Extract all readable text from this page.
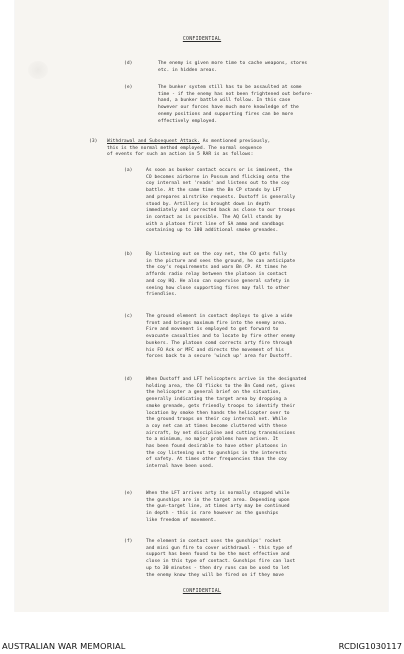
CONFIDENTIAL
(d)	The enemy is given more time to cache weapons, stores
etc. in hidden areas.
(e)	The bunker system still has to be assaulted at some
time - if the enemy has not been frightened out before-
hand, a bunker battle will follow. In this case
however our forces have much more knowledge of the
enemy positions and supporting fires can be more
effectively employed.
(3) Withdrawal and Subsequent Attack. As mentioned previously,
this is the normal method employed. The normal sequence
of events for such an action in 5 RAR is as follows:
(a)	As soon as bunker contact occurs or is imminent, the
CO becomes airborne in Possum and flicking onto the
coy internal net 'reads' and listens out to the coy
battle. At the same time the Bn CP stands by LFT
and prepares airstrike requests. Dustoff is generally
stood by. Artillery is brought down in depth
immediately and corrected back as close to our troops
in contact as is possible. The AQ Cell stands by
with a platoon first line of SA ammo and sandbags
containing up to 100 additional smoke grenades.
(b)	By listening out on the coy net, the CO gets fully
in the picture and sees the ground, he can anticipate
the coy's requirements and warn Bn CP. At times he
affords radio relay between the platoon in contact
and coy HQ. He also can supervise general safety in
seeing how close supporting fires may fall to other
friendlies.
(c)	The ground element in contact deploys to give a wide
front and brings maximum fire into the enemy area.
Fire and movement is employed to get forward to
evacuate casualties and to locate by fire other enemy
bunkers. The platoon comd corrects arty fire through
his FO Ack or MFC and directs the movement of his
forces back to a secure 'winch up' area for Dustoff.
(d)	When Dustoff and LFT helicopters arrive in the designated
holding area, the CO flicks to the Bn Comd net, gives
the helicopter a general brief on the situation,
generally indicating the target area by dropping a
smoke grenade, gets friendly troops to identify their
location by smoke then hands the helicopter over to
the ground troops on their coy internal net. While
a coy net can at times become cluttered with these
aircraft, by net discipline and cutting transmissions
to a minimum, no major problems have arisen. It
has been found desirable to have other platoons in
the coy listening out to gunships in the interests
of safety. At times other frequencies than the coy
internal have been used.
(e)	When the LFT arrives arty is normally stopped while
the gunships are in the target area. Depending upon
the gun-target line, at times arty may be continued
in depth - this is rare however as the gunships
like freedom of movement.
(f)	The element in contact uses the gunships' rocket
and mini gun fire to cover withdrawal - this type of
support has been found to be the most effective and
close in this type of contact. Gunships fire can last
up to 30 minutes - then dry runs can be used to let
the enemy know they will be fired on if they move
CONFIDENTIAL
AUSTRALIAN WAR MEMORIAL	RCDIG1030117
